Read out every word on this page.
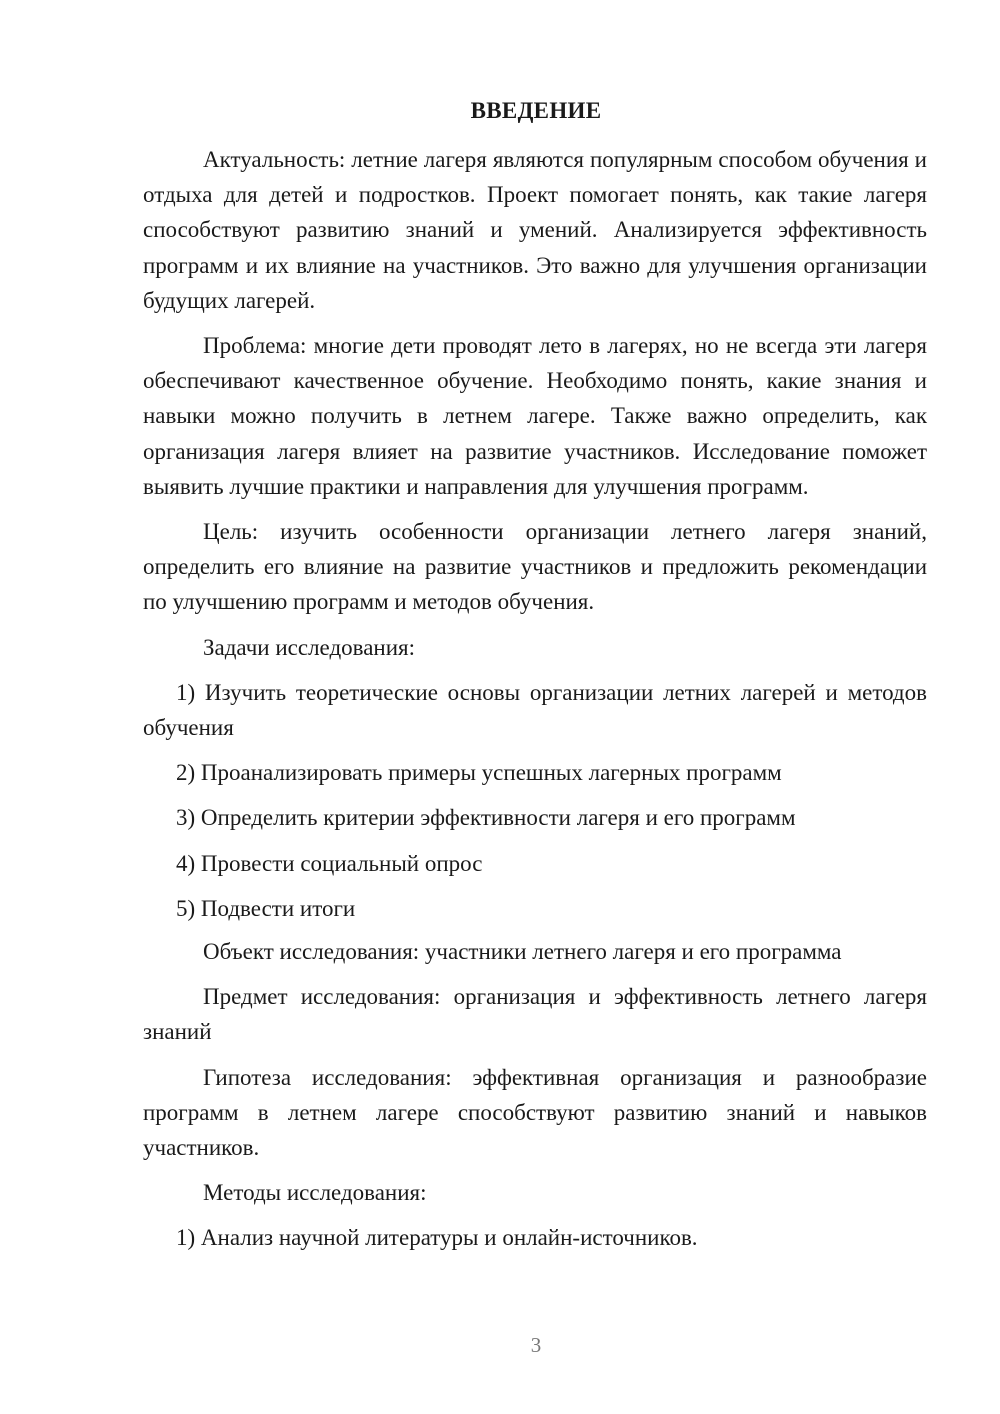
ВВЕДЕНИЕ

Актуальность: летние лагеря являются популярным способом обучения и отдыха для детей и подростков. Проект помогает понять, как такие лагеря способствуют развитию знаний и умений. Анализируется эффективность программ и их влияние на участников. Это важно для улучшения организации будущих лагерей.

Проблема: многие дети проводят лето в лагерях, но не всегда эти лагеря обеспечивают качественное обучение. Необходимо понять, какие знания и навыки можно получить в летнем лагере. Также важно определить, как организация лагеря влияет на развитие участников. Исследование поможет выявить лучшие практики и направления для улучшения программ.

Цель: изучить особенности организации летнего лагеря знаний, определить его влияние на развитие участников и предложить рекомендации по улучшению программ и методов обучения.

Задачи исследования:

1) Изучить теоретические основы организации летних лагерей и методов обучения

2) Проанализировать примеры успешных лагерных программ

3) Определить критерии эффективности лагеря и его программ

4) Провести социальный опрос

5) Подвести итоги

Объект исследования: участники летнего лагеря и его программа

Предмет исследования: организация и эффективность летнего лагеря знаний

Гипотеза исследования: эффективная организация и разнообразие программ в летнем лагере способствуют развитию знаний и навыков участников.

Методы исследования:

1) Анализ научной литературы и онлайн-источников.

3
